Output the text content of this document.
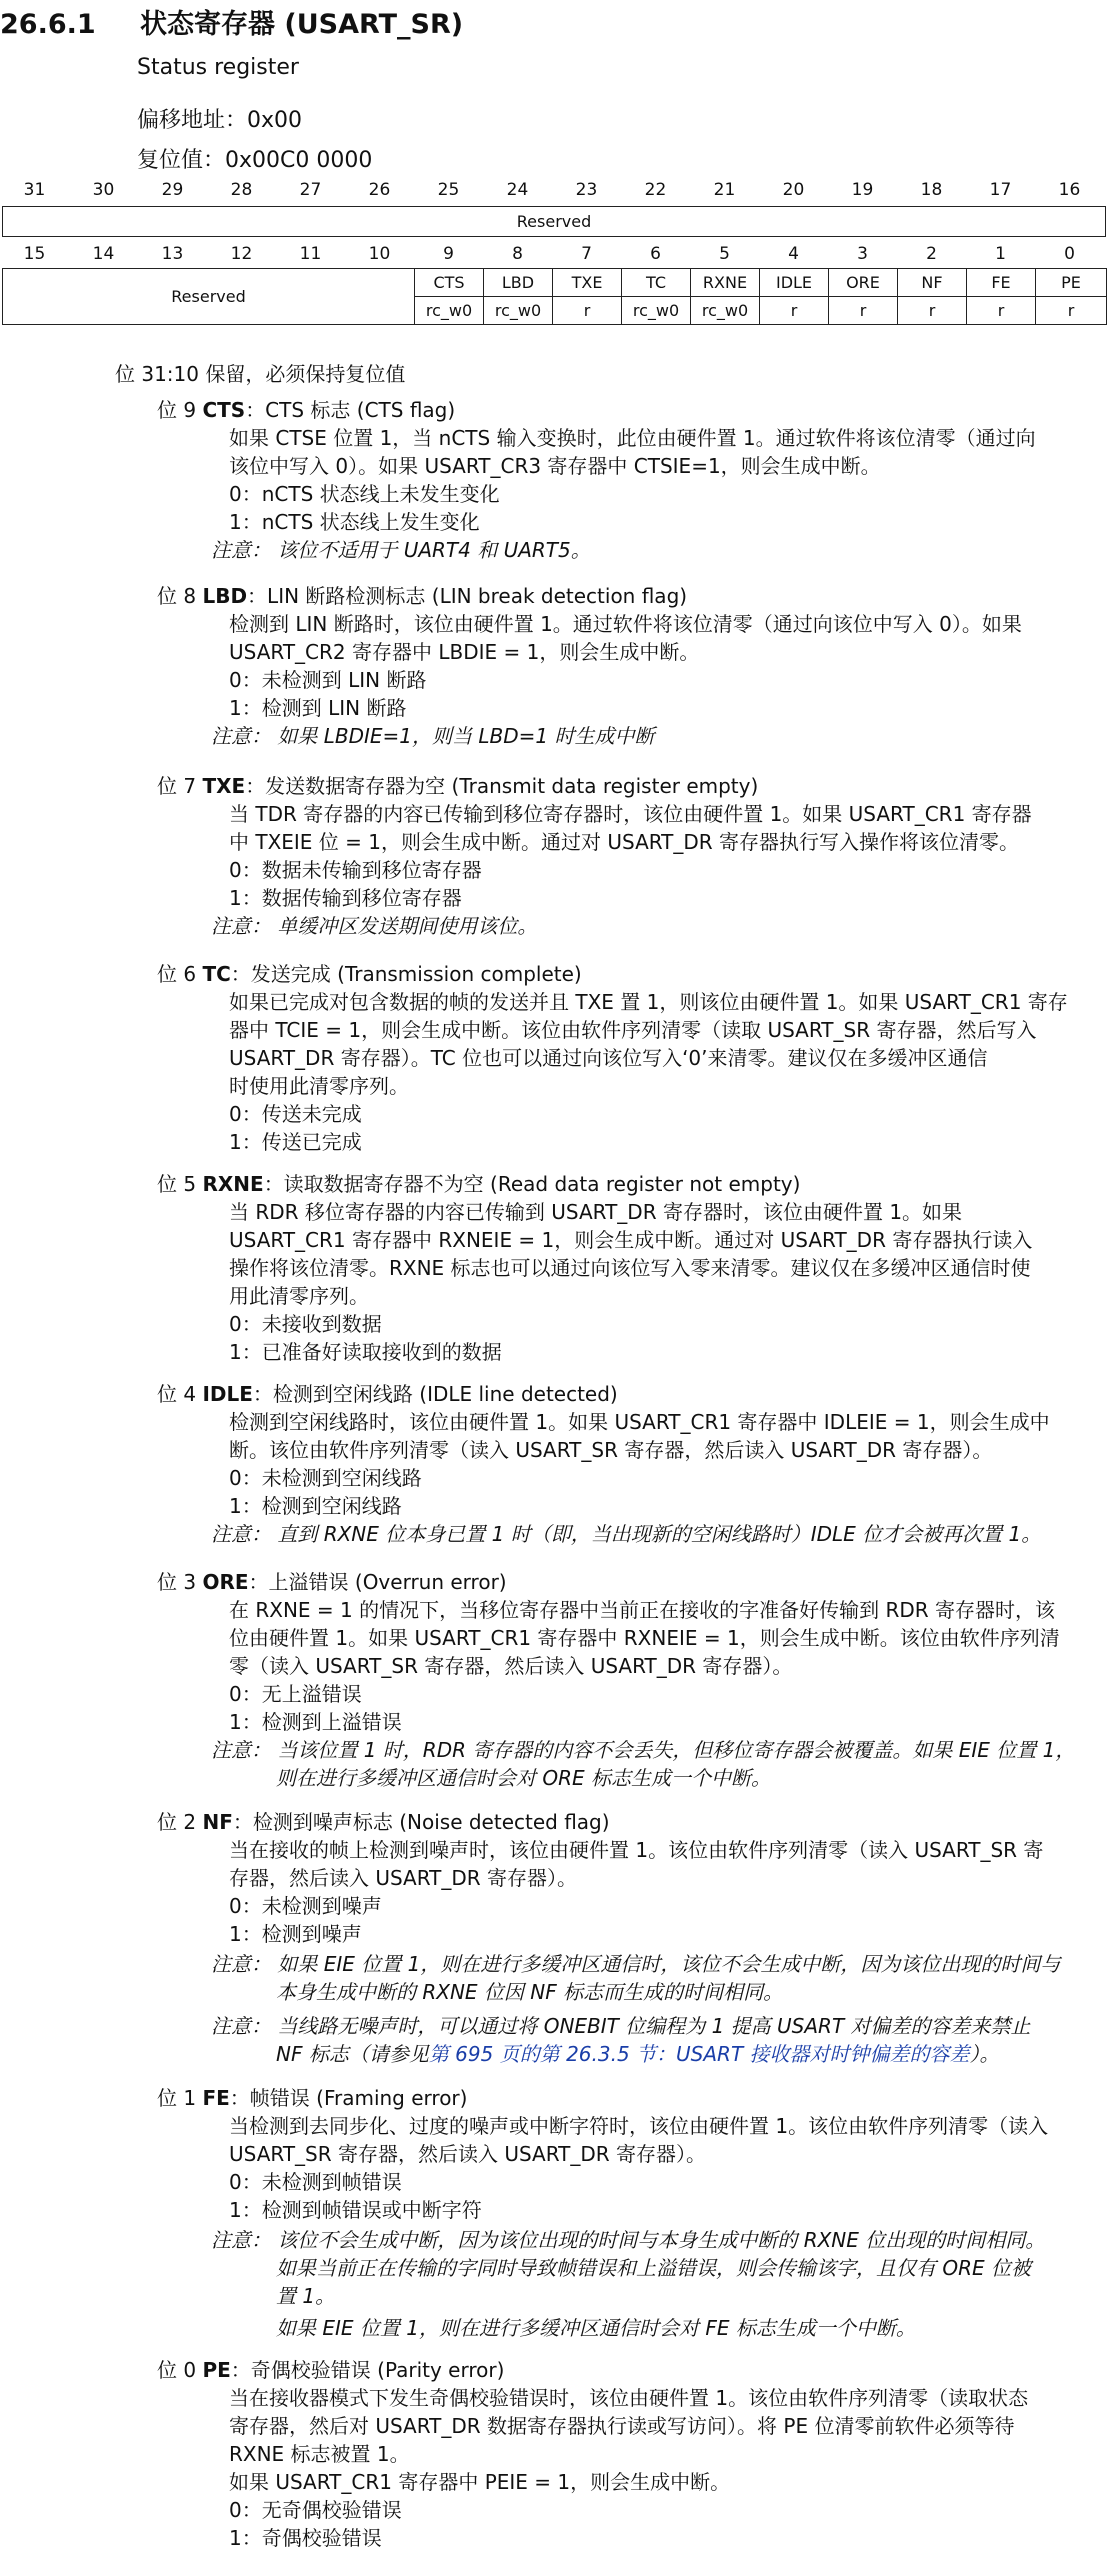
26.6.1 状态寄存器 (USART_SR)
Status register
偏移地址：0x00
复位值：0x00C0 0000
31	30	29	28	27	26	25	24	23	22	21	20	19	18	17	16
Reserved
15	14	13	12	11	10	9	8	7	6	5	4	3	2	1	0
Reserved	CTS	LBD	TXE	TC	RXNE	IDLE	ORE	NF	FE	PE
	rc_w0	rc_w0	r	rc_w0	rc_w0	r	r	r	r	r
位 31:10 保留，必须保持复位值
位 9 CTS：CTS 标志 (CTS flag)
如果 CTSE 位置 1，当 nCTS 输入变换时，此位由硬件置 1。通过软件将该位清零（通过向
该位中写入 0）。如果 USART_CR3 寄存器中 CTSIE=1，则会生成中断。
0：nCTS 状态线上未发生变化
1：nCTS 状态线上发生变化
注意： 该位不适用于 UART4 和 UART5。
位 8 LBD：LIN 断路检测标志 (LIN break detection flag)
检测到 LIN 断路时，该位由硬件置 1。通过软件将该位清零（通过向该位中写入 0）。如果
USART_CR2 寄存器中 LBDIE = 1，则会生成中断。
0：未检测到 LIN 断路
1：检测到 LIN 断路
注意： 如果 LBDIE=1，则当 LBD=1 时生成中断
位 7 TXE：发送数据寄存器为空 (Transmit data register empty)
当 TDR 寄存器的内容已传输到移位寄存器时，该位由硬件置 1。如果 USART_CR1 寄存器
中 TXEIE 位 = 1，则会生成中断。通过对 USART_DR 寄存器执行写入操作将该位清零。
0：数据未传输到移位寄存器
1：数据传输到移位寄存器
注意： 单缓冲区发送期间使用该位。
位 6 TC：发送完成 (Transmission complete)
如果已完成对包含数据的帧的发送并且 TXE 置 1，则该位由硬件置 1。如果 USART_CR1 寄存
器中 TCIE = 1，则会生成中断。该位由软件序列清零（读取 USART_SR 寄存器，然后写入
USART_DR 寄存器）。TC 位也可以通过向该位写入‘0’来清零。建议仅在多缓冲区通信
时使用此清零序列。
0：传送未完成
1：传送已完成
位 5 RXNE：读取数据寄存器不为空 (Read data register not empty)
当 RDR 移位寄存器的内容已传输到 USART_DR 寄存器时，该位由硬件置 1。如果
USART_CR1 寄存器中 RXNEIE = 1，则会生成中断。通过对 USART_DR 寄存器执行读入
操作将该位清零。RXNE 标志也可以通过向该位写入零来清零。建议仅在多缓冲区通信时使
用此清零序列。
0：未接收到数据
1：已准备好读取接收到的数据
位 4 IDLE：检测到空闲线路 (IDLE line detected)
检测到空闲线路时，该位由硬件置 1。如果 USART_CR1 寄存器中 IDLEIE = 1，则会生成中
断。该位由软件序列清零（读入 USART_SR 寄存器，然后读入 USART_DR 寄存器）。
0：未检测到空闲线路
1：检测到空闲线路
注意： 直到 RXNE 位本身已置 1 时（即，当出现新的空闲线路时）IDLE 位才会被再次置 1。
位 3 ORE：上溢错误 (Overrun error)
在 RXNE = 1 的情况下，当移位寄存器中当前正在接收的字准备好传输到 RDR 寄存器时，该
位由硬件置 1。如果 USART_CR1 寄存器中 RXNEIE = 1，则会生成中断。该位由软件序列清
零（读入 USART_SR 寄存器，然后读入 USART_DR 寄存器）。
0：无上溢错误
1：检测到上溢错误
注意： 当该位置 1 时，RDR 寄存器的内容不会丢失，但移位寄存器会被覆盖。如果 EIE 位置 1，
则在进行多缓冲区通信时会对 ORE 标志生成一个中断。
位 2 NF：检测到噪声标志 (Noise detected flag)
当在接收的帧上检测到噪声时，该位由硬件置 1。该位由软件序列清零（读入 USART_SR 寄
存器，然后读入 USART_DR 寄存器）。
0：未检测到噪声
1：检测到噪声
注意： 如果 EIE 位置 1，则在进行多缓冲区通信时，该位不会生成中断，因为该位出现的时间与
本身生成中断的 RXNE 位因 NF 标志而生成的时间相同。
注意： 当线路无噪声时，可以通过将 ONEBIT 位编程为 1 提高 USART 对偏差的容差来禁止
NF 标志（请参见第 695 页的第 26.3.5 节：USART 接收器对时钟偏差的容差）。
位 1 FE：帧错误 (Framing error)
当检测到去同步化、过度的噪声或中断字符时，该位由硬件置 1。该位由软件序列清零（读入
USART_SR 寄存器，然后读入 USART_DR 寄存器）。
0：未检测到帧错误
1：检测到帧错误或中断字符
注意： 该位不会生成中断，因为该位出现的时间与本身生成中断的 RXNE 位出现的时间相同。
如果当前正在传输的字同时导致帧错误和上溢错误，则会传输该字，且仅有 ORE 位被
置 1。
如果 EIE 位置 1，则在进行多缓冲区通信时会对 FE 标志生成一个中断。
位 0 PE：奇偶校验错误 (Parity error)
当在接收器模式下发生奇偶校验错误时，该位由硬件置 1。该位由软件序列清零（读取状态
寄存器，然后对 USART_DR 数据寄存器执行读或写访问）。将 PE 位清零前软件必须等待
RXNE 标志被置 1。
如果 USART_CR1 寄存器中 PEIE = 1，则会生成中断。
0：无奇偶校验错误
1：奇偶校验错误
